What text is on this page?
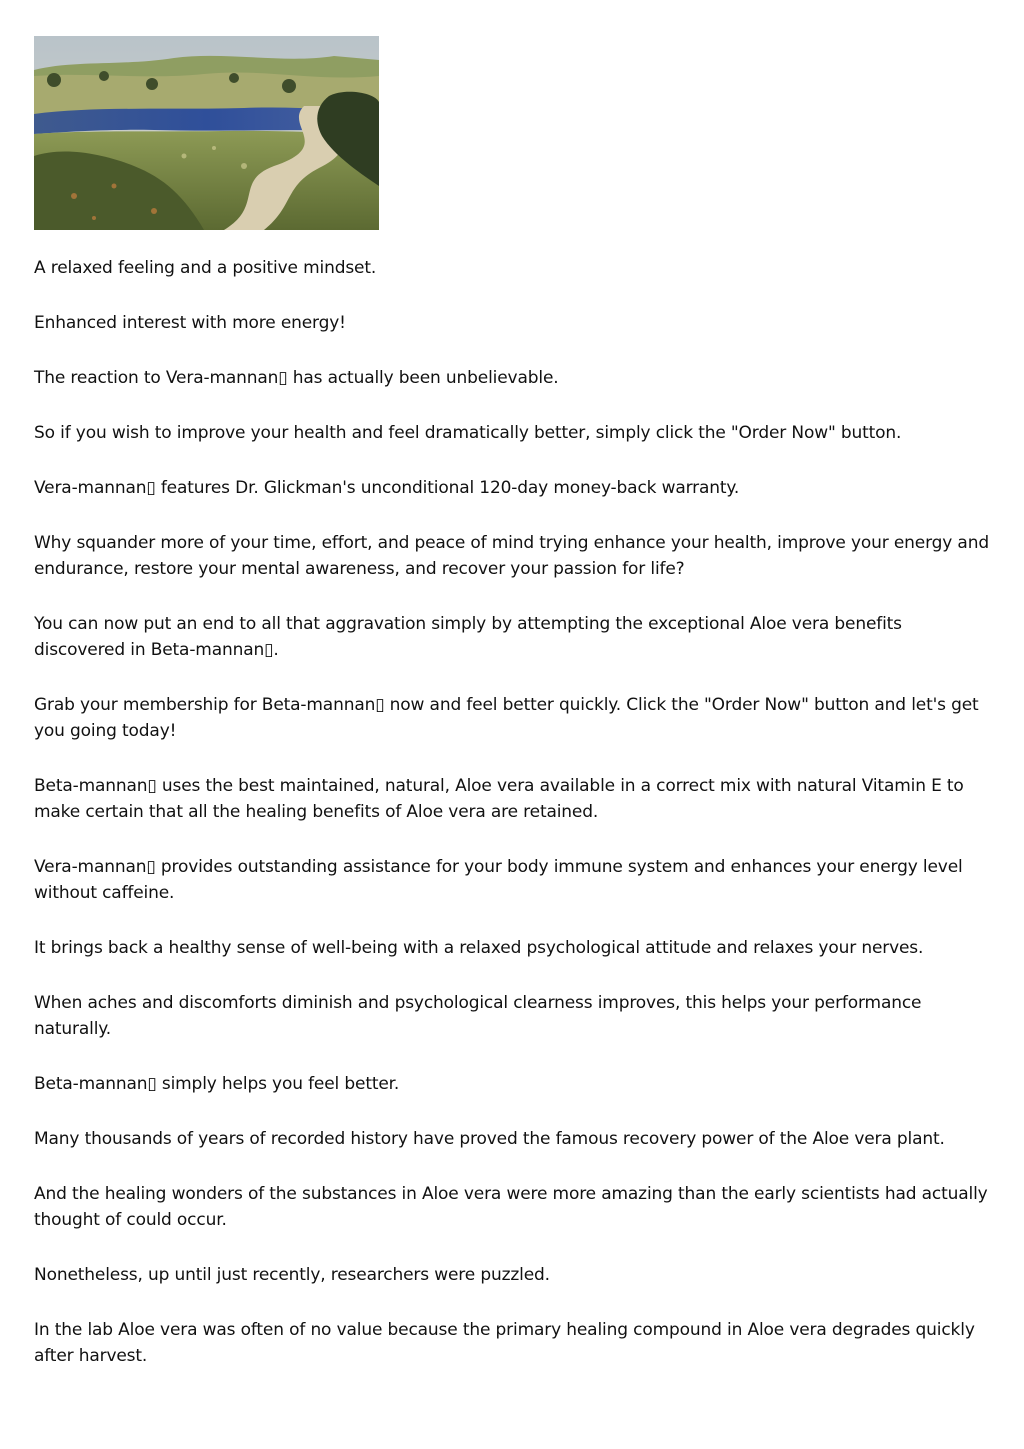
A relaxed feeling and a positive mindset.

Enhanced interest with more energy!

The reaction to Vera-mannan▯ has actually been unbelievable.

So if you wish to improve your health and feel dramatically better, simply click the "Order Now" button.

Vera-mannan▯ features Dr. Glickman's unconditional 120-day money-back warranty.

Why squander more of your time, effort, and peace of mind trying enhance your health, improve your energy and endurance, restore your mental awareness, and recover your passion for life?

You can now put an end to all that aggravation simply by attempting the exceptional Aloe vera benefits discovered in Beta-mannan▯.

Grab your membership for Beta-mannan▯ now and feel better quickly. Click the "Order Now" button and let's get you going today!

Beta-mannan▯ uses the best maintained, natural, Aloe vera available in a correct mix with natural Vitamin E to make certain that all the healing benefits of Aloe vera are retained.

Vera-mannan▯ provides outstanding assistance for your body immune system and enhances your energy level without caffeine.

It brings back a healthy sense of well-being with a relaxed psychological attitude and relaxes your nerves.

When aches and discomforts diminish and psychological clearness improves, this helps your performance naturally.

Beta-mannan▯ simply helps you feel better.

Many thousands of years of recorded history have proved the famous recovery power of the Aloe vera plant.

And the healing wonders of the substances in Aloe vera were more amazing than the early scientists had actually thought of could occur.

Nonetheless, up until just recently, researchers were puzzled.

In the lab Aloe vera was often of no value because the primary healing compound in Aloe vera degrades quickly after harvest.
